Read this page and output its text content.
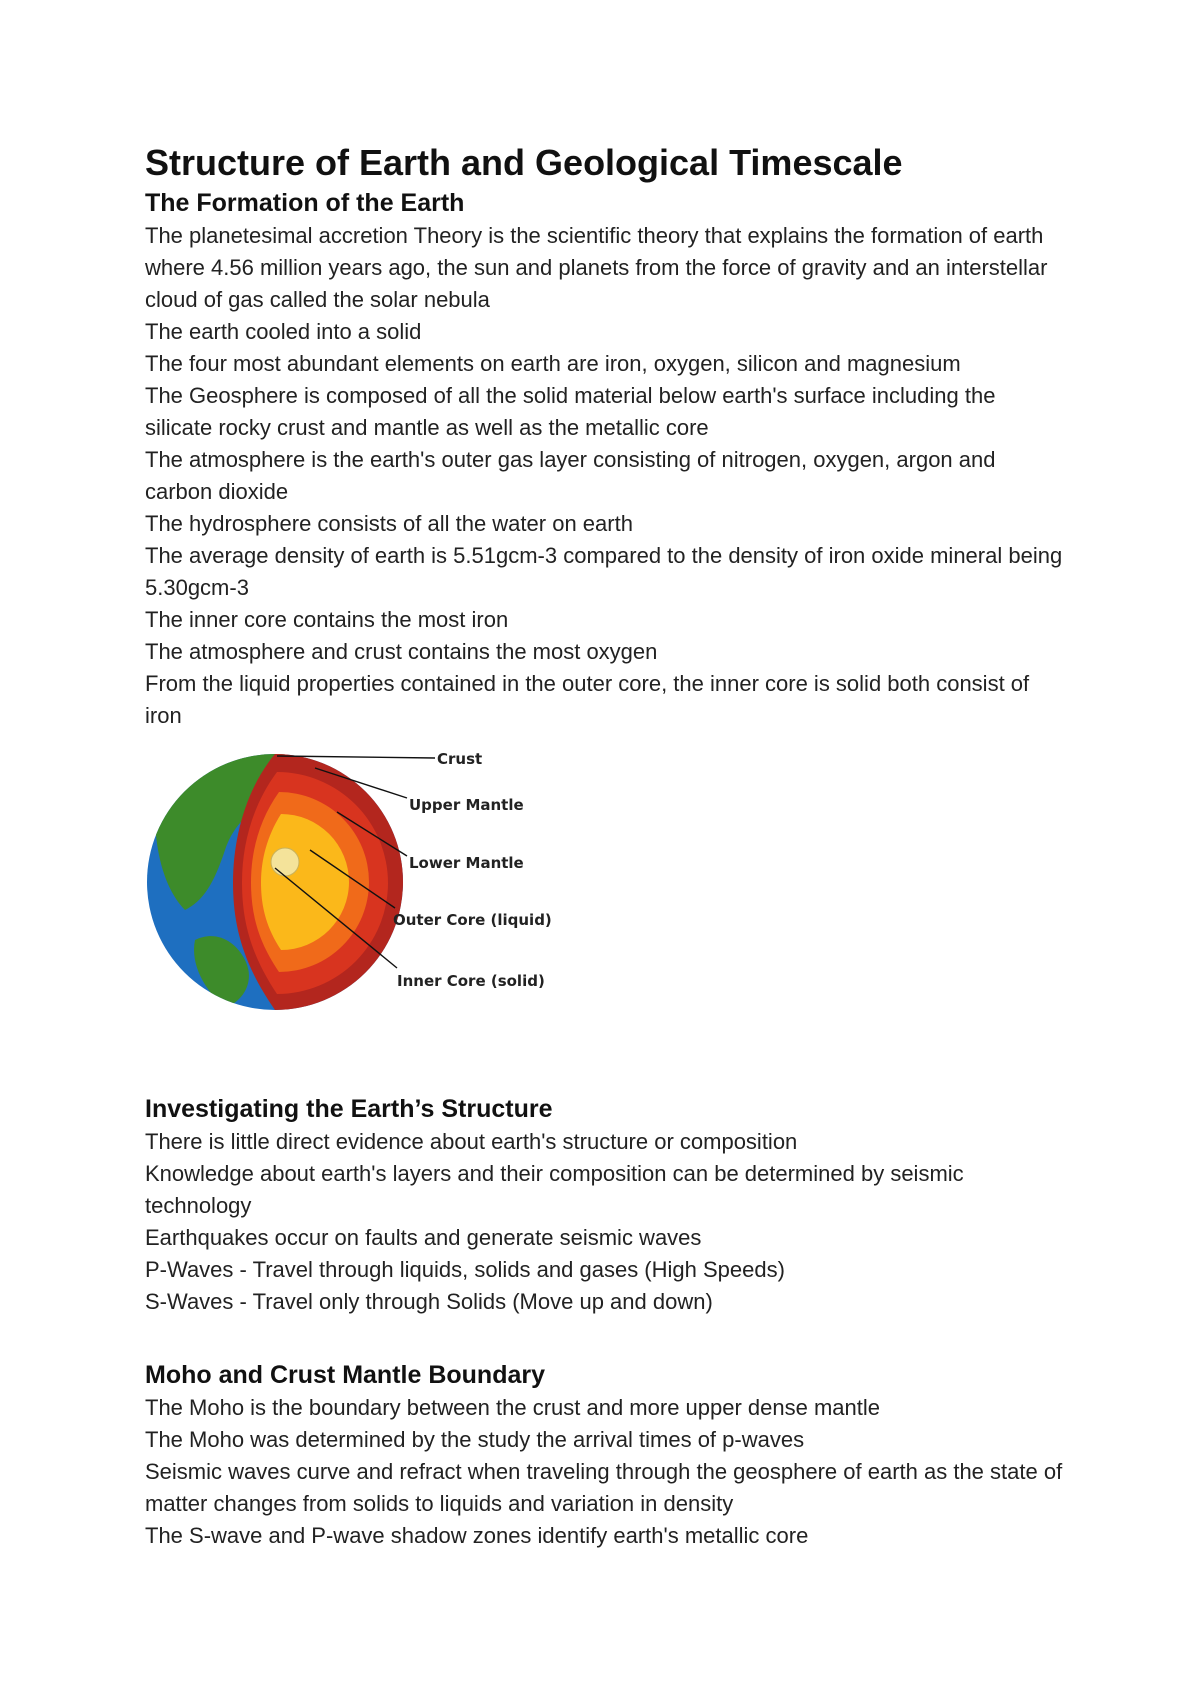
Structure of Earth and Geological Timescale
The Formation of the Earth

The planetesimal accretion Theory is the scientific theory that explains the formation of earth where 4.56 million years ago, the sun and planets from the force of gravity and an interstellar cloud of gas called the solar nebula

The earth cooled into a solid

The four most abundant elements on earth are iron, oxygen, silicon and magnesium

The Geosphere is composed of all the solid material below earth's surface including the silicate rocky crust and mantle as well as the metallic core

The atmosphere is the earth's outer gas layer consisting of nitrogen, oxygen, argon and carbon dioxide

The hydrosphere consists of all the water on earth

The average density of earth is 5.51gcm-3 compared to the density of iron oxide mineral being 5.30gcm-3

The inner core contains the most iron

The atmosphere and crust contains the most oxygen

From the liquid properties contained in the outer core, the inner core is solid both consist of iron

Crust
Upper Mantle
Lower Mantle
Outer Core (liquid)
Inner Core (solid)
Investigating the Earth’s Structure

There is little direct evidence about earth's structure or composition

Knowledge about earth's layers and their composition can be determined by seismic technology

Earthquakes occur on faults and generate seismic waves

P-Waves - Travel through liquids, solids and gases (High Speeds)

S-Waves - Travel only through Solids (Move up and down)

Moho and Crust Mantle Boundary

The Moho is the boundary between the crust and more upper dense mantle

The Moho was determined by the study the arrival times of p-waves

Seismic waves curve and refract when traveling through the geosphere of earth as the state of matter changes from solids to liquids and variation in density

The S-wave and P-wave shadow zones identify earth's metallic core
